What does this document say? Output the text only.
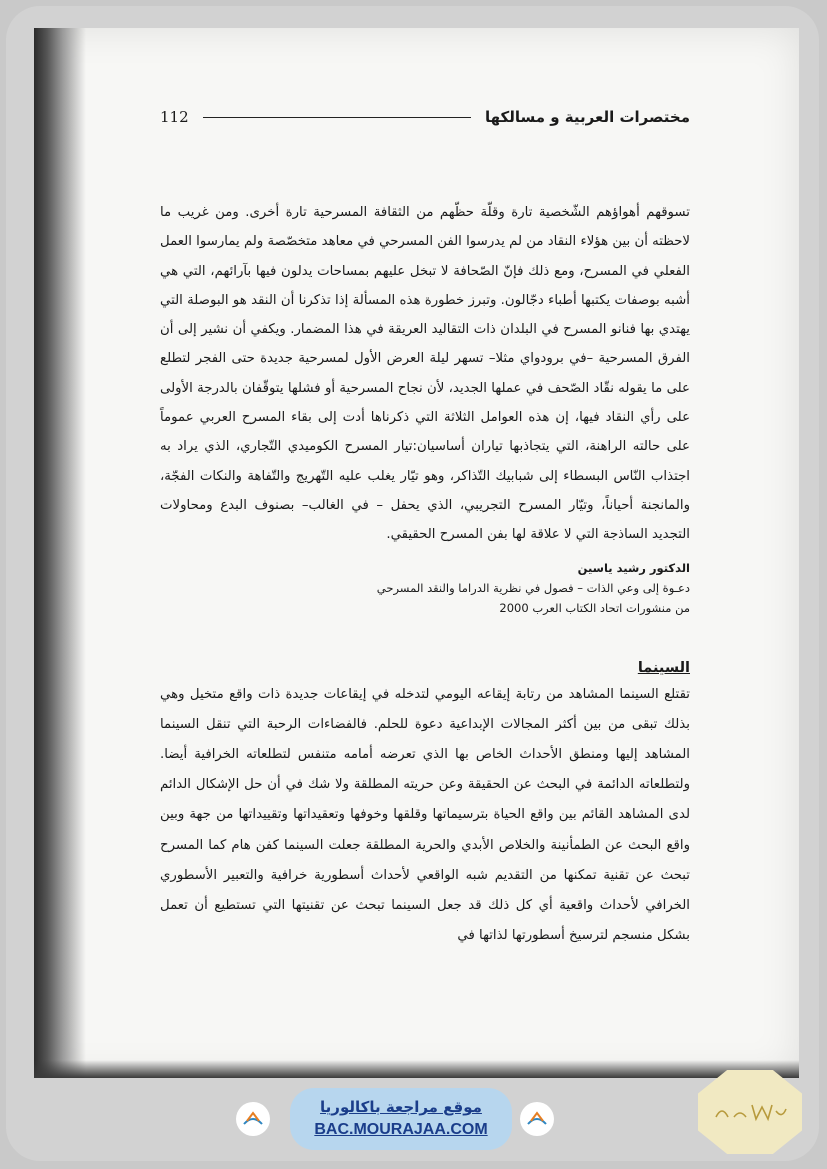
مختصرات العربية و مسالكها
112

تسوقهم أهواؤهم الشّخصية تارة وقلّة حظّهم من الثقافة المسرحية تارة أخرى. ومن غريب ما لاحظته أن بين هؤلاء النقاد من لم يدرسوا الفن المسرحي في معاهد متخصّصة ولم يمارسوا العمل الفعلي في المسرح، ومع ذلك فإنّ الصّحافة لا تبخل عليهم بمساحات يدلون فيها بآرائهم، التي هي أشبه بوصفات يكتبها أطباء دجّالون. وتبرز خطورة هذه المسألة إذا تذكرنا أن النقد هو البوصلة التي يهتدي بها فنانو المسرح في البلدان ذات التقاليد العريقة في هذا المضمار. ويكفي أن نشير إلى أن الفرق المسرحية –في برودواي مثلا– تسهر ليلة العرض الأول لمسرحية جديدة حتى الفجر لتطلع على ما يقوله نقّاد الصّحف في عملها الجديد، لأن نجاح المسرحية أو فشلها يتوقّفان بالدرجة الأولى على رأي النقاد فيها، إن هذه العوامل الثلاثة التي ذكرناها أدت إلى بقاء المسرح العربي عموماً على حالته الراهنة، التي يتجاذبها تياران أساسيان:تيار المسرح الكوميدي التّجاري، الذي يراد به اجتذاب النّاس البسطاء إلى شبابيك التّذاكر، وهو تيّار يغلب عليه التّهريج والتّفاهة والنكات الفجّة، والمانجنة أحياناً، وتيّار المسرح التجريبي، الذي يحفل – في الغالب– بصنوف البدع ومحاولات التجديد الساذجة التي لا علاقة لها بفن المسرح الحقيقي.

الدكتور رشيد ياسين
دعـوة إلى وعي الذات – فصول في نظرية الدراما والنقد المسرحي
من منشورات اتحاد الكتاب العرب 2000
السينما

تقتلع السينما المشاهد من رتابة إيقاعه اليومي لتدخله في إيقاعات جديدة ذات واقع متخيل وهي بذلك تبقى من بين أكثر المجالات الإبداعية دعوة للحلم. فالفضاءات الرحبة التي تنقل السينما المشاهد إليها ومنطق الأحداث الخاص بها الذي تعرضه أمامه متنفس لتطلعاته الخرافية أيضا. ولتطلعاته الدائمة في البحث عن الحقيقة وعن حريته المطلقة ولا شك في أن حل الإشكال الدائم لدى المشاهد القائم بين واقع الحياة بترسيماتها وقلقها وخوفها وتعقيداتها وتقييداتها من جهة وبين واقع البحث عن الطمأنينة والخلاص الأبدي والحرية المطلقة جعلت السينما كفن هام كما المسرح تبحث عن تقنية تمكنها من التقديم شبه الواقعي لأحداث أسطورية خرافية والتعبير الأسطوري الخرافي لأحداث واقعية أي كل ذلك قد جعل السينما تبحث عن تقنيتها التي تستطيع أن تعمل بشكل منسجم لترسيخ أسطورتها لذاتها في

موقع مراجعة باكالوريا
BAC.MOURAJAA.COM
